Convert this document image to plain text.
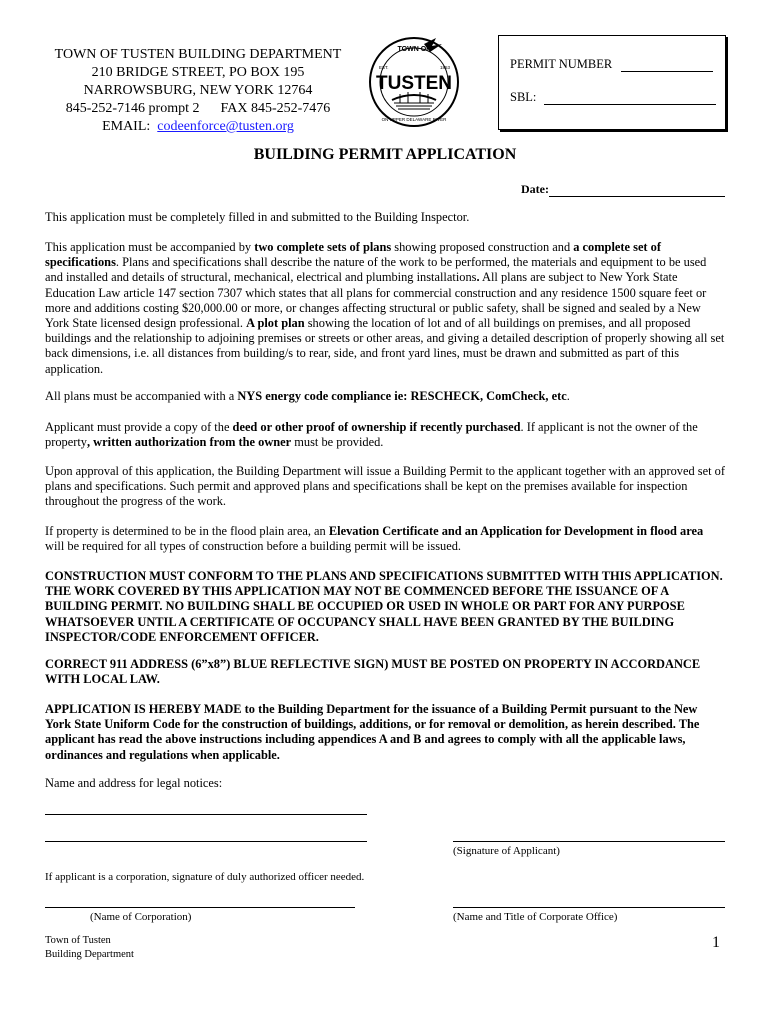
TOWN OF TUSTEN BUILDING DEPARTMENT
210 BRIDGE STREET, PO BOX 195
NARROWSBURG, NEW YORK 12764
845-252-7146 prompt 2 FAX 845-252-7476
EMAIL: codeenforce@tusten.org
TOWN OF
TUSTEN
EST.	1853
ON UPPER DELAWARE RIVER
PERMIT NUMBER
SBL:
BUILDING PERMIT APPLICATION
Date:
This application must be completely filled in and submitted to the Building Inspector.
This application must be accompanied by two complete sets of plans showing proposed construction and a complete set of specifications. Plans and specifications shall describe the nature of the work to be performed, the materials and equipment to be used and installed and details of structural, mechanical, electrical and plumbing installations. All plans are subject to New York State Education Law article 147 section 7307 which states that all plans for commercial construction and any residence 1500 square feet or more and additions costing $20,000.00 or more, or changes affecting structural or public safety, shall be signed and sealed by a New York State licensed design professional. A plot plan showing the location of lot and of all buildings on premises, and all proposed buildings and the relationship to adjoining premises or streets or other areas, and giving a detailed description of properly showing all set back dimensions, i.e. all distances from building/s to rear, side, and front yard lines, must be drawn and submitted as part of this application.
All plans must be accompanied with a NYS energy code compliance ie: RESCHECK, ComCheck, etc.
Applicant must provide a copy of the deed or other proof of ownership if recently purchased. If applicant is not the owner of the property, written authorization from the owner must be provided.
Upon approval of this application, the Building Department will issue a Building Permit to the applicant together with an approved set of plans and specifications. Such permit and approved plans and specifications shall be kept on the premises available for inspection throughout the progress of the work.
If property is determined to be in the flood plain area, an Elevation Certificate and an Application for Development in flood area will be required for all types of construction before a building permit will be issued.
CONSTRUCTION MUST CONFORM TO THE PLANS AND SPECIFICATIONS SUBMITTED WITH THIS APPLICATION. THE WORK COVERED BY THIS APPLICATION MAY NOT BE COMMENCED BEFORE THE ISSUANCE OF A BUILDING PERMIT. NO BUILDING SHALL BE OCCUPIED OR USED IN WHOLE OR PART FOR ANY PURPOSE WHATSOEVER UNTIL A CERTIFICATE OF OCCUPANCY SHALL HAVE BEEN GRANTED BY THE BUILDING INSPECTOR/CODE ENFORCEMENT OFFICER.
CORRECT 911 ADDRESS (6”x8”) BLUE REFLECTIVE SIGN) MUST BE POSTED ON PROPERTY IN ACCORDANCE WITH LOCAL LAW.
APPLICATION IS HEREBY MADE to the Building Department for the issuance of a Building Permit pursuant to the New York State Uniform Code for the construction of buildings, additions, or for removal or demolition, as herein described. The applicant has read the above instructions including appendices A and B and agrees to comply with all the applicable laws, ordinances and regulations when applicable.
Name and address for legal notices:
(Signature of Applicant)
If applicant is a corporation, signature of duly authorized officer needed.
(Name of Corporation)	(Name and Title of Corporate Office)
Town of Tusten
Building Department
1
